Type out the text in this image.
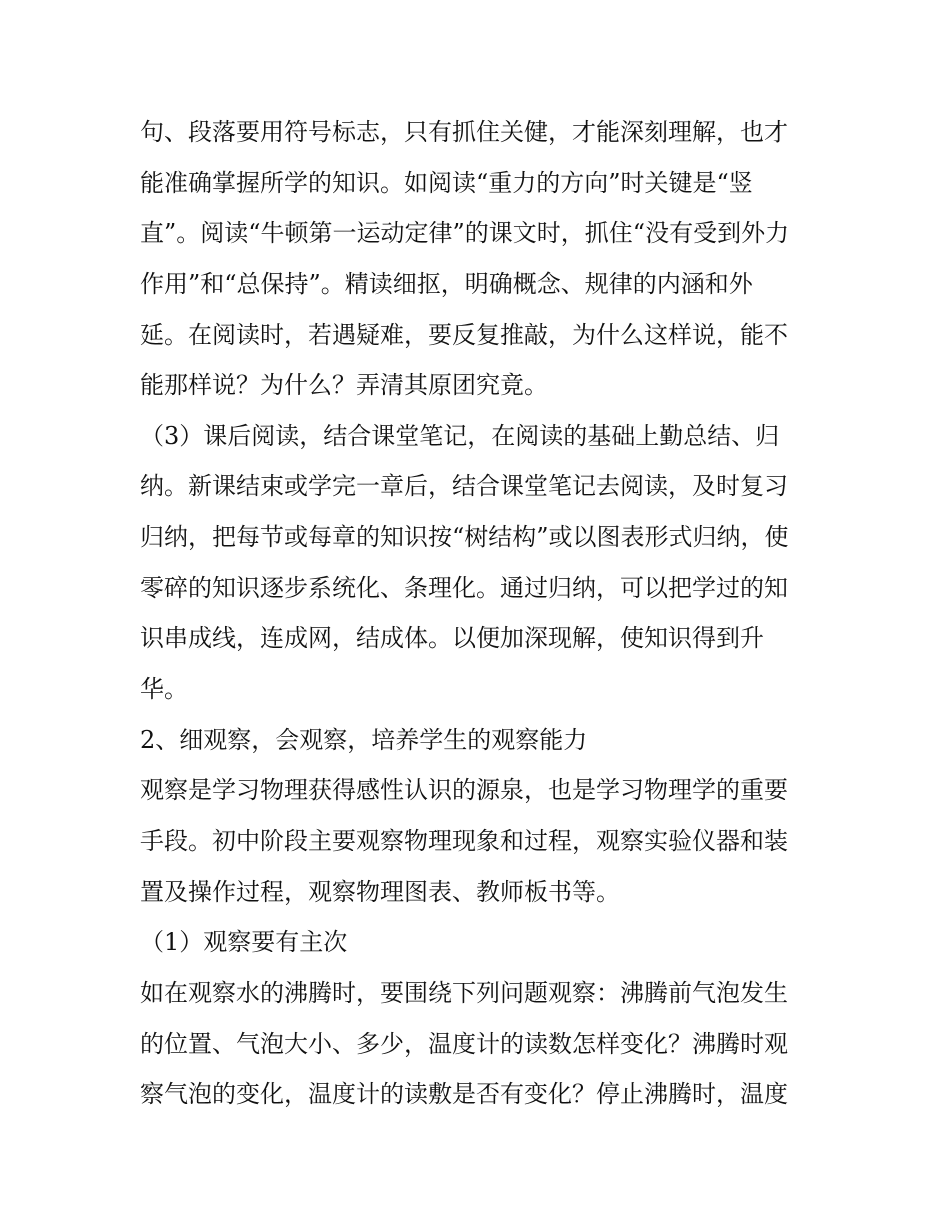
句、段落要用符号标志，只有抓住关健，才能深刻理解，也才
能准确掌握所学的知识。如阅读“重力的方向”时关键是“竖
直”。阅读“牛顿第一运动定律”的课文时，抓住“没有受到外力
作用”和“总保持”。精读细抠，明确概念、规律的内涵和外
延。在阅读时，若遇疑难，要反复推敲，为什么这样说，能不
能那样说？为什么？弄清其原团究竟。
（3）课后阅读，结合课堂笔记，在阅读的基础上勤总结、归
纳。新课结束或学完一章后，结合课堂笔记去阅读，及时复习
归纳，把每节或每章的知识按“树结构”或以图表形式归纳，使
零碎的知识逐步系统化、条理化。通过归纳，可以把学过的知
识串成线，连成网，结成体。以便加深现解，使知识得到升
华。
2、细观察，会观察，培养学生的观察能力
观察是学习物理获得感性认识的源泉，也是学习物理学的重要
手段。初中阶段主要观察物理现象和过程，观察实验仪器和装
置及操作过程，观察物理图表、教师板书等。
（1）观察要有主次
如在观察水的沸腾时，要围绕下列问题观察：沸腾前气泡发生
的位置、气泡大小、多少，温度计的读数怎样变化？沸腾时观
察气泡的变化，温度计的读敷是否有变化？停止沸腾时，温度
